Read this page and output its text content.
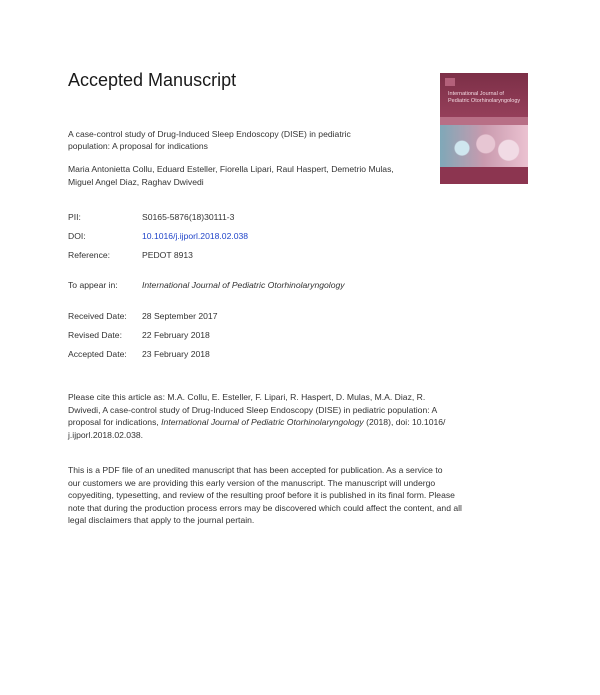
Accepted Manuscript
International Journal of
Pediatric Otorhinolaryngology
A case-control study of Drug-Induced Sleep Endoscopy (DISE) in pediatric
population: A proposal for indications
Maria Antonietta Collu, Eduard Esteller, Fiorella Lipari, Raul Haspert, Demetrio Mulas,
Miguel Angel Diaz, Raghav Dwivedi
PII:	S0165-5876(18)30111-3
DOI:	10.1016/j.ijporl.2018.02.038
Reference:	PEDOT 8913
To appear in:	International Journal of Pediatric Otorhinolaryngology
Received Date: 28 September 2017
Revised Date: 22 February 2018
Accepted Date: 23 February 2018
Please cite this article as: M.A. Collu, E. Esteller, F. Lipari, R. Haspert, D. Mulas, M.A. Diaz, R.
Dwivedi, A case-control study of Drug-Induced Sleep Endoscopy (DISE) in pediatric population: A
proposal for indications, International Journal of Pediatric Otorhinolaryngology (2018), doi: 10.1016/
j.ijporl.2018.02.038.
This is a PDF file of an unedited manuscript that has been accepted for publication. As a service to
our customers we are providing this early version of the manuscript. The manuscript will undergo
copyediting, typesetting, and review of the resulting proof before it is published in its final form. Please
note that during the production process errors may be discovered which could affect the content, and all
legal disclaimers that apply to the journal pertain.
